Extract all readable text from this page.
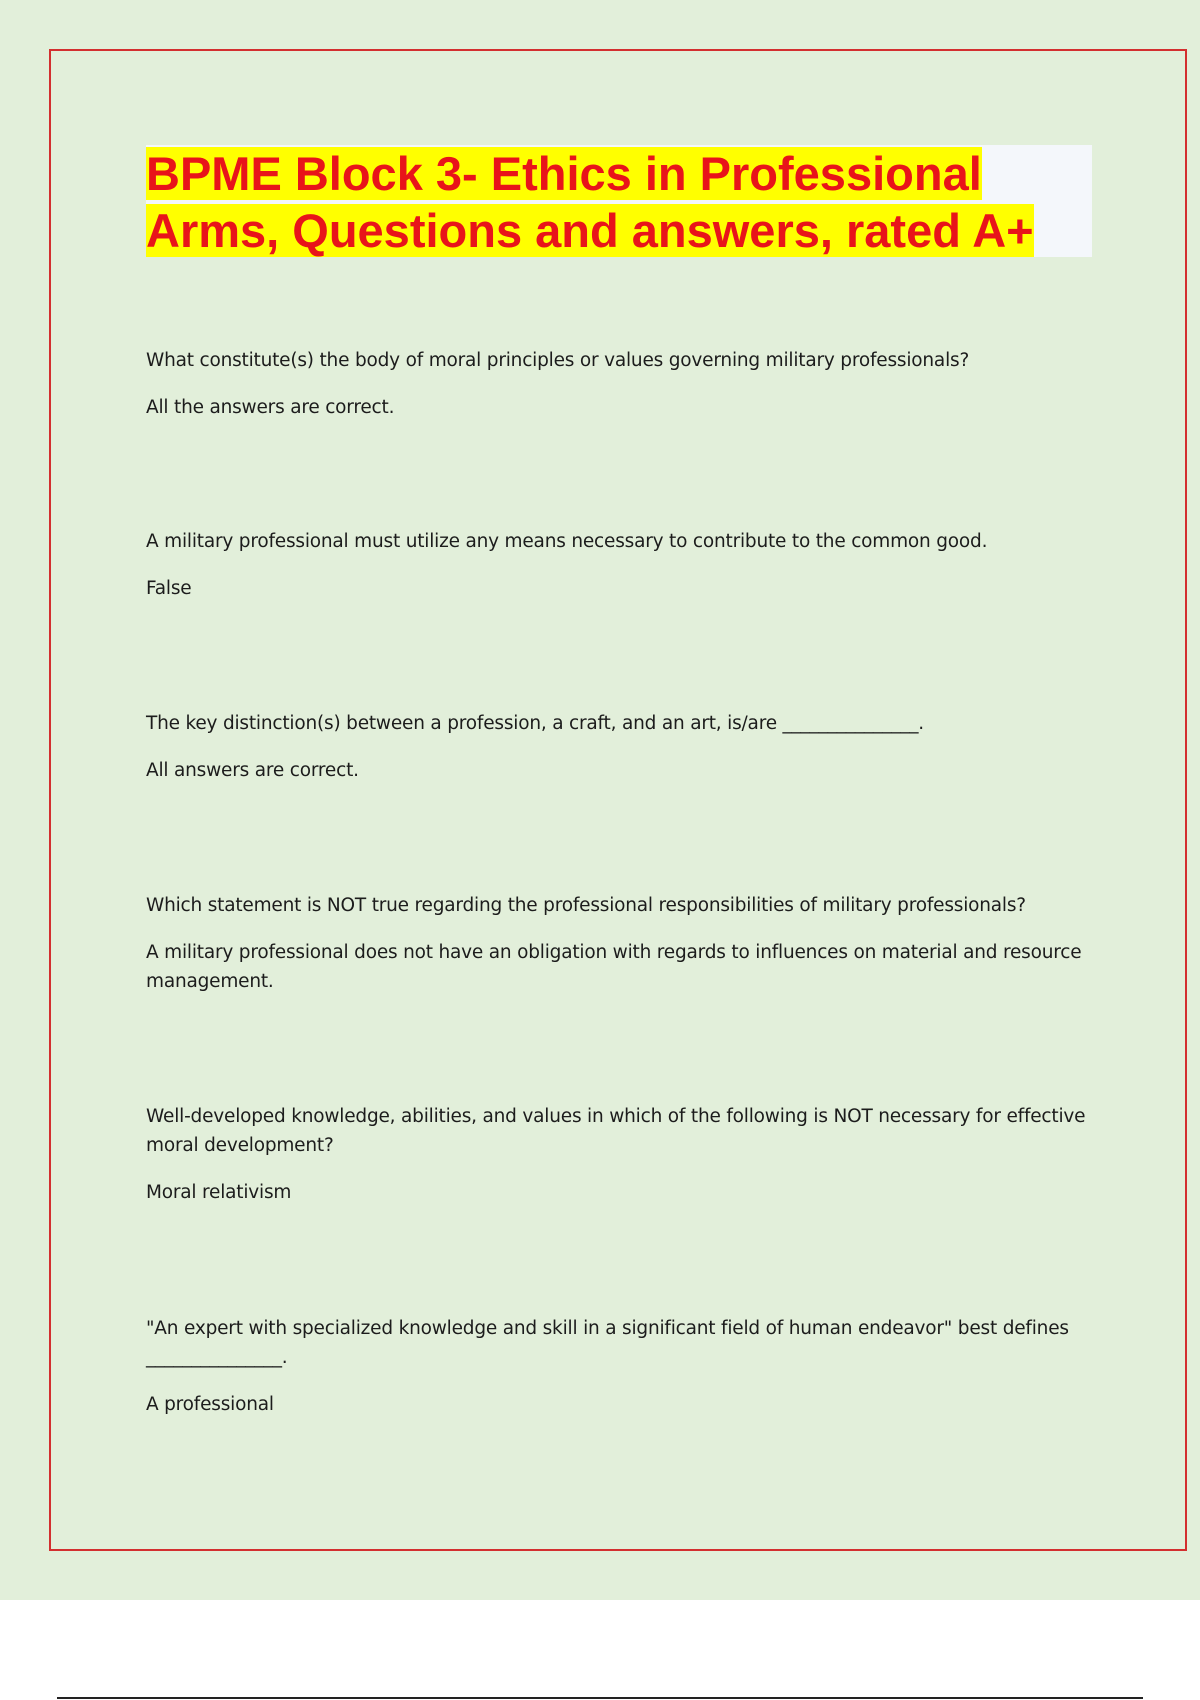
BPME Block 3- Ethics in Professional Arms, Questions and answers, rated A+

What constitute(s) the body of moral principles or values governing military professionals?

All the answers are correct.

A military professional must utilize any means necessary to contribute to the common good.

False

The key distinction(s) between a profession, a craft, and an art, is/are _______________.

All answers are correct.

Which statement is NOT true regarding the professional responsibilities of military professionals?

A military professional does not have an obligation with regards to influences on material and resource management.

Well-developed knowledge, abilities, and values in which of the following is NOT necessary for effective moral development?

Moral relativism

"An expert with specialized knowledge and skill in a significant field of human endeavor" best defines _______________.

A professional
